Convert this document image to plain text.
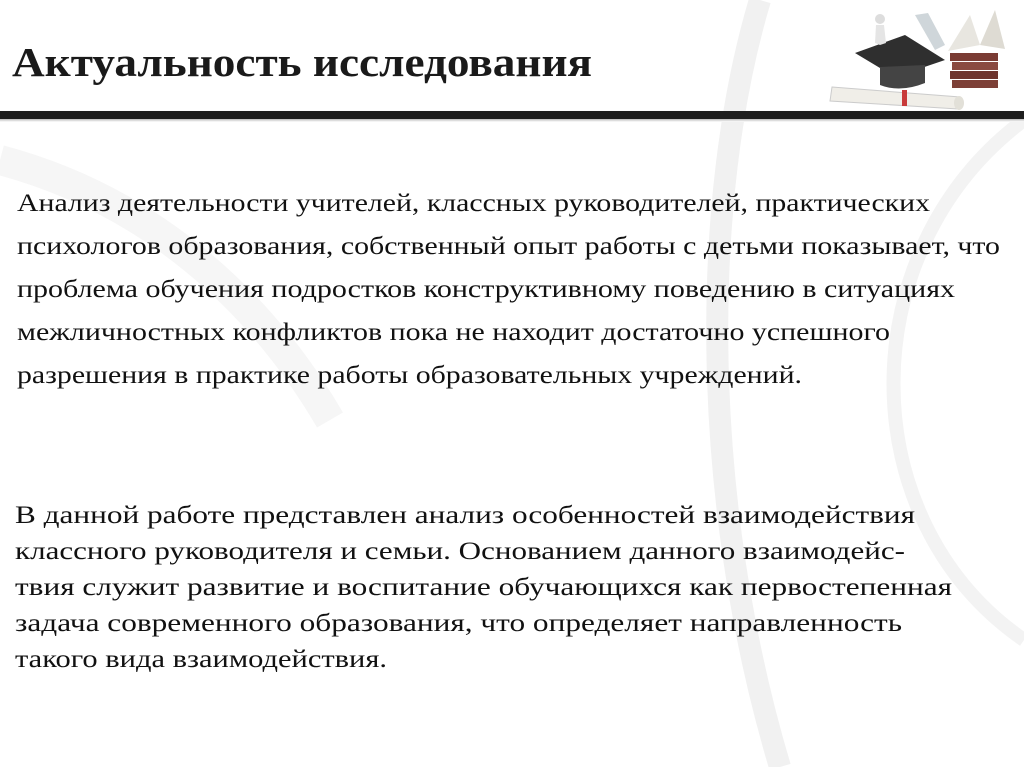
Актуальность исследования
Анализ деятельности учителей, классных руководителей, практических
психологов образования, собственный опыт работы с детьми показывает, что
проблема обучения подростков конструктивному поведению в ситуациях
межличностных конфликтов пока не находит достаточно успешного
разрешения в практике работы образовательных учреждений.
В данной работе представлен анализ особенностей взаимодействия
классного руководителя и семьи. Основанием данного взаимодейс-
твия служит развитие и воспитание обучающихся как первостепенная
задача современного образования, что определяет направленность
такого вида взаимодействия.
